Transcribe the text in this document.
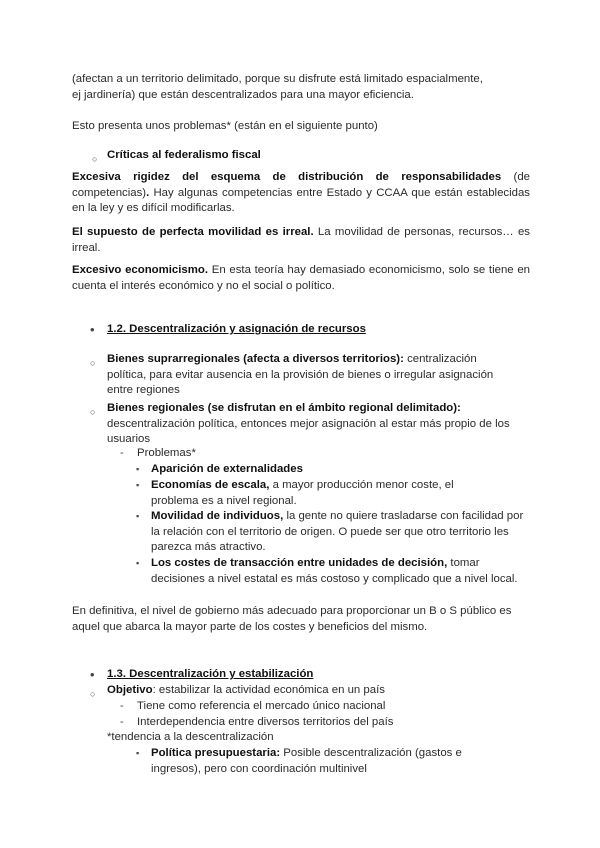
(afectan a un territorio delimitado, porque su disfrute está limitado espacialmente,

ej jardinería) que están descentralizados para una mayor eficiencia.

Esto presenta unos problemas* (están en el siguiente punto)

○ Críticas al federalismo fiscal

Excesiva rigidez del esquema de distribución de responsabilidades (de competencias). Hay algunas competencias entre Estado y CCAA que están establecidas en la ley y es difícil modificarlas.

El supuesto de perfecta movilidad es irreal. La movilidad de personas, recursos… es irreal.

Excesivo economicismo. En esta teoría hay demasiado economicismo, solo se tiene en cuenta el interés económico y no el social o político.

• 1.2. Descentralización y asignación de recursos

○ Bienes suprarregionales (afecta a diversos territorios): centralización política, para evitar ausencia en la provisión de bienes o irregular asignación entre regiones

○ Bienes regionales (se disfrutan en el ámbito regional delimitado): descentralización política, entonces mejor asignación al estar más propio de los usuarios

- Problemas*

▪ Aparición de externalidades

▪ Economías de escala, a mayor producción menor coste, el problema es a nivel regional.

▪ Movilidad de individuos, la gente no quiere trasladarse con facilidad por la relación con el territorio de origen. O puede ser que otro territorio les parezca más atractivo.

▪ Los costes de transacción entre unidades de decisión, tomar decisiones a nivel estatal es más costoso y complicado que a nivel local.

En definitiva, el nivel de gobierno más adecuado para proporcionar un B o S público es aquel que abarca la mayor parte de los costes y beneficios del mismo.

• 1.3. Descentralización y estabilización

○ Objetivo: estabilizar la actividad económica en un país

- Tiene como referencia el mercado único nacional

- Interdependencia entre diversos territorios del país

*tendencia a la descentralización

▪ Política presupuestaria: Posible descentralización (gastos e ingresos), pero con coordinación multinivel
